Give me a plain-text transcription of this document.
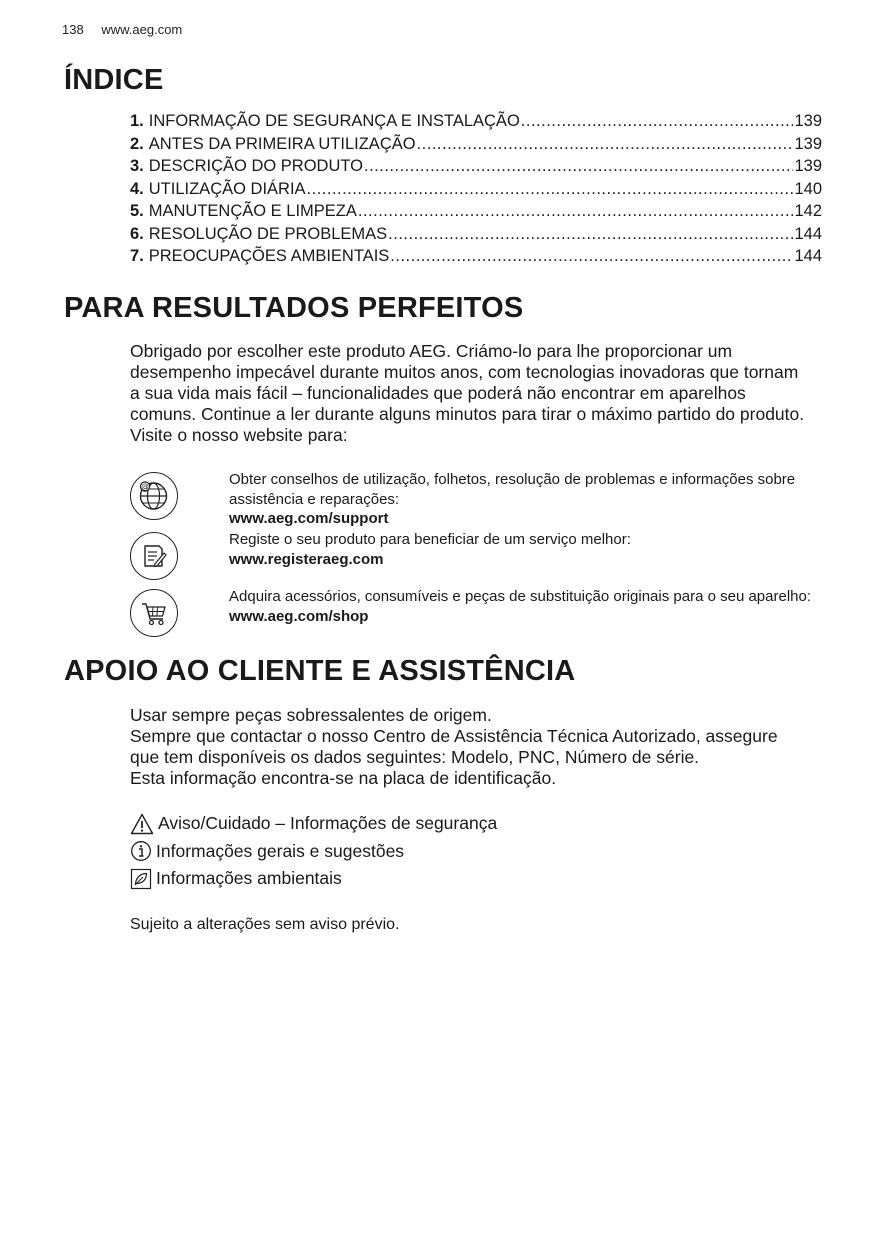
138 www.aeg.com
ÍNDICE
1. INFORMAÇÃO DE SEGURANÇA E INSTALAÇÃO .....	139
2. ANTES DA PRIMEIRA UTILIZAÇÃO .....	139
3. DESCRIÇÃO DO PRODUTO .....	139
4. UTILIZAÇÃO DIÁRIA .....	140
5. MANUTENÇÃO E LIMPEZA .....	142
6. RESOLUÇÃO DE PROBLEMAS .....	144
7. PREOCUPAÇÕES AMBIENTAIS .....	144
PARA RESULTADOS PERFEITOS

Obrigado por escolher este produto AEG. Criámo-lo para lhe proporcionar um desempenho impecável durante muitos anos, com tecnologias inovadoras que tornam a sua vida mais fácil – funcionalidades que poderá não encontrar em aparelhos comuns. Continue a ler durante alguns minutos para tirar o máximo partido do produto.

Visite o nosso website para:

@	Obter conselhos de utilização, folhetos, resolução de problemas e informações sobre assistência e reparações:
www.aeg.com/support
Registe o seu produto para beneficiar de um serviço melhor:
www.registeraeg.com
Adquira acessórios, consumíveis e peças de substituição originais para o seu aparelho:
www.aeg.com/shop
APOIO AO CLIENTE E ASSISTÊNCIA

Usar sempre peças sobressalentes de origem.

Sempre que contactar o nosso Centro de Assistência Técnica Autorizado, assegure que tem disponíveis os dados seguintes: Modelo, PNC, Número de série.

Esta informação encontra-se na placa de identificação.

Aviso/Cuidado – Informações de segurança
Informações gerais e sugestões
Informações ambientais
Sujeito a alterações sem aviso prévio.
